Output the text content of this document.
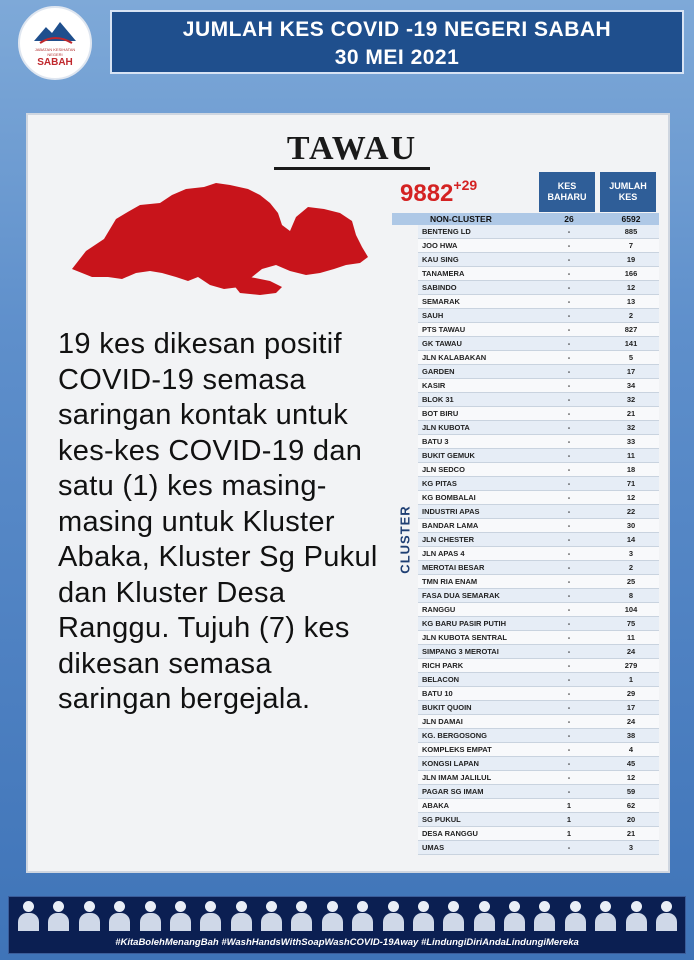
JABATAN KESIHATAN NEGERI
SABAH
JUMLAH KES COVID -19 NEGERI SABAH
30 MEI 2021
TAWAU
19 kes dikesan positif COVID-19 semasa saringan kontak untuk kes-kes COVID-19 dan satu (1) kes masing-masing untuk Kluster Abaka, Kluster Sg Pukul dan Kluster Desa Ranggu. Tujuh (7) kes dikesan semasa saringan bergejala.
$9882^{+29}$	KES BAHARU
JUMLAH KES
NON-CLUSTER	26	6592
CLUSTER
BENTENG LD	-	885
JOO HWA	-	7
KAU SING	-	19
TANAMERA	-	166
SABINDO	-	12
SEMARAK	-	13
SAUH	-	2
PTS TAWAU	-	827
GK TAWAU	-	141
JLN KALABAKAN	-	5
GARDEN	-	17
KASIR	-	34
BLOK 31	-	32
BOT BIRU	-	21
JLN KUBOTA	-	32
BATU 3	-	33
BUKIT GEMUK	-	11
JLN SEDCO	-	18
KG PITAS	-	71
KG BOMBALAI	-	12
INDUSTRI APAS	-	22
BANDAR LAMA	-	30
JLN CHESTER	-	14
JLN APAS 4	-	3
MEROTAI BESAR	-	2
TMN RIA ENAM	-	25
FASA DUA SEMARAK	-	8
RANGGU	-	104
KG BARU PASIR PUTIH	-	75
JLN KUBOTA SENTRAL	-	11
SIMPANG 3 MEROTAI	-	24
RICH PARK	-	279
BELACON	-	1
BATU 10	-	29
BUKIT QUOIN	-	17
JLN DAMAI	-	24
KG. BERGOSONG	-	38
KOMPLEKS EMPAT	-	4
KONGSI LAPAN	-	45
JLN IMAM JALILUL	-	12
PAGAR SG IMAM	-	59
ABAKA	1	62
SG PUKUL	1	20
DESA RANGGU	1	21
UMAS	-	3
#KitaBolehMenangBah #WashHandsWithSoapWashCOVID-19Away #LindungiDiriAndaLindungiMereka
